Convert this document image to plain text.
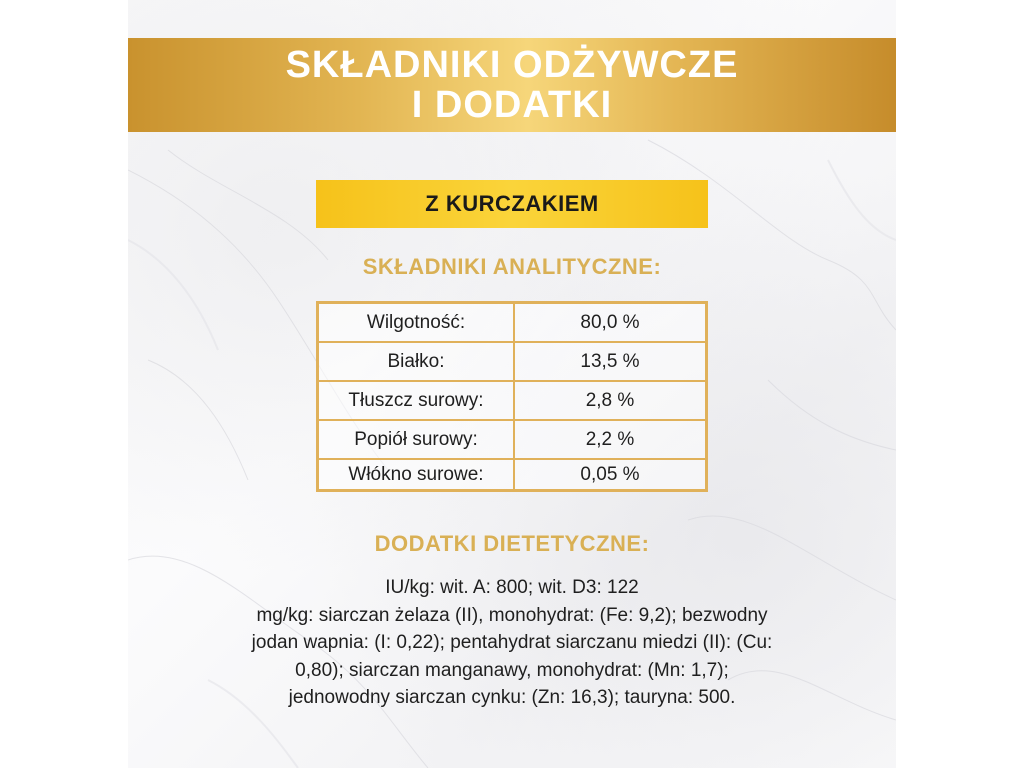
SKŁADNIKI ODŻYWCZE
I DODATKI
Z KURCZAKIEM
SKŁADNIKI ANALITYCZNE:
Wilgotność:	80,0 %
Białko:	13,5 %
Tłuszcz surowy:	2,8 %
Popiół surowy:	2,2 %
Włókno surowe:	0,05 %
DODATKI DIETETYCZNE:
IU/kg: wit. A: 800; wit. D3: 122
mg/kg: siarczan żelaza (II), monohydrat: (Fe: 9,2); bezwodny
jodan wapnia: (I: 0,22); pentahydrat siarczanu miedzi (II): (Cu:
0,80); siarczan manganawy, monohydrat: (Mn: 1,7);
jednowodny siarczan cynku: (Zn: 16,3); tauryna: 500.
